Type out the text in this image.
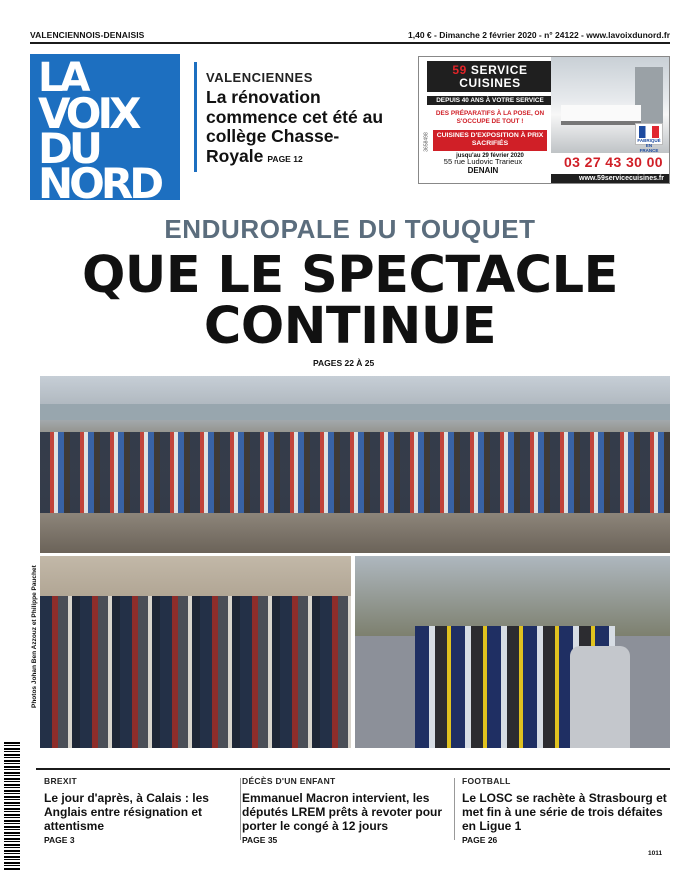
VALENCIENNOIS-DENAISIS	1,40 € - Dimanche 2 février 2020 - n° 24122 - www.lavoixdunord.fr
LA
VOIX
DU
NORD
VALENCIENNES
La rénovation commence cet été au collège Chasse-Royale PAGE 12
3658498
59 SERVICE
CUISINES
DEPUIS 40 ANS À VOTRE SERVICE
DES PRÉPARATIFS À LA POSE, ON S'OCCUPE DE TOUT !
CUISINES D'EXPOSITION À PRIX SACRIFIÉS
jusqu'au 29 février 2020
55 rue Ludovic Trarieux
DENAIN
FABRIQUÉ EN FRANCE
03 27 43 30 00
www.59servicecuisines.fr
ENDUROPALE DU TOUQUET
QUE LE SPECTACLE
CONTINUE
PAGES 22 À 25
Photos Johan Ben Azzouz et Philippe Pauchet
BREXIT
Le jour d'après, à Calais : les Anglais entre résignation et attentisme
PAGE 3
DÉCÈS D'UN ENFANT
Emmanuel Macron intervient, les députés LREM prêts à revoter pour porter le congé à 12 jours
PAGE 35
FOOTBALL
Le LOSC se rachète à Strasbourg et met fin à une série de trois défaites en Ligue 1
PAGE 26
1011
